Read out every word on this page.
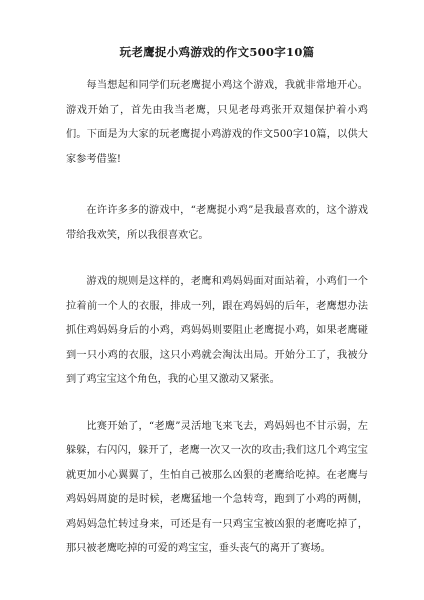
玩老鹰捉小鸡游戏的作文500字10篇

每当想起和同学们玩老鹰捉小鸡这个游戏，我就非常地开心。游戏开始了，首先由我当老鹰，只见老母鸡张开双翅保护着小鸡们。下面是为大家的玩老鹰捉小鸡游戏的作文500字10篇，以供大家参考借鉴!

在许许多多的游戏中，“老鹰捉小鸡”是我最喜欢的，这个游戏带给我欢笑，所以我很喜欢它。

游戏的规则是这样的，老鹰和鸡妈妈面对面站着，小鸡们一个拉着前一个人的衣服，排成一列，跟在鸡妈妈的后年，老鹰想办法抓住鸡妈妈身后的小鸡，鸡妈妈则要阻止老鹰捉小鸡，如果老鹰碰到一只小鸡的衣服，这只小鸡就会淘汰出局。开始分工了，我被分到了鸡宝宝这个角色，我的心里又激动又紧张。

比赛开始了，“老鹰”灵活地飞来飞去，鸡妈妈也不甘示弱，左躲躲，右闪闪，躲开了，老鹰一次又一次的攻击;我们这几个鸡宝宝就更加小心翼翼了，生怕自己被那么凶狠的老鹰给吃掉。在老鹰与鸡妈妈周旋的是时候，老鹰猛地一个急转弯，跑到了小鸡的两侧，鸡妈妈急忙转过身来，可还是有一只鸡宝宝被凶狠的老鹰吃掉了，那只被老鹰吃掉的可爱的鸡宝宝，垂头丧气的离开了赛场。
